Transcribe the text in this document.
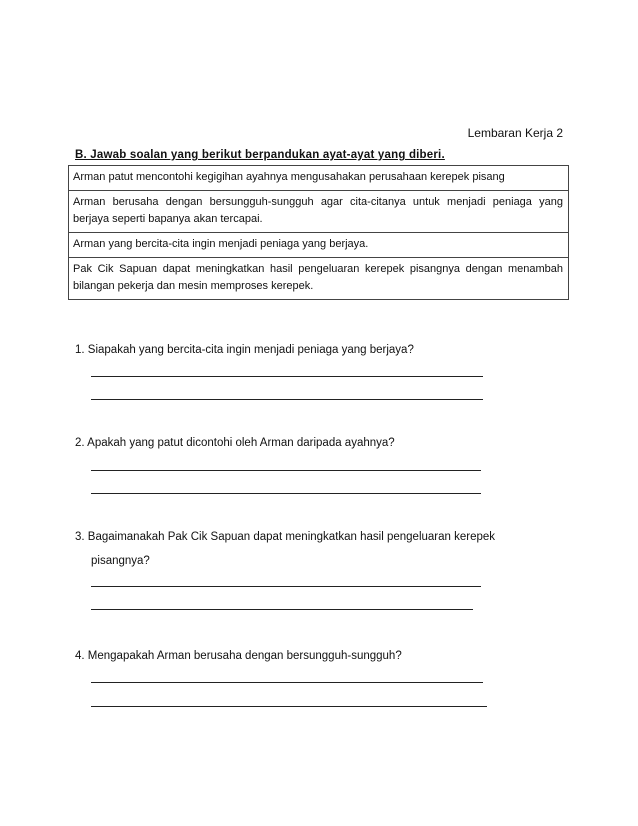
Lembaran Kerja 2
B. Jawab soalan yang berikut berpandukan ayat-ayat yang diberi.
Arman patut mencontohi kegigihan ayahnya mengusahakan perusahaan kerepek pisang
Arman berusaha dengan bersungguh-sungguh agar cita-citanya untuk menjadi peniaga yang berjaya seperti bapanya akan tercapai.
Arman yang bercita-cita ingin menjadi peniaga yang berjaya.
Pak Cik Sapuan dapat meningkatkan hasil pengeluaran kerepek pisangnya dengan menambah bilangan pekerja dan mesin memproses kerepek.
1. Siapakah yang bercita-cita ingin menjadi peniaga yang berjaya?
2. Apakah yang patut dicontohi oleh Arman daripada ayahnya?
3. Bagaimanakah Pak Cik Sapuan dapat meningkatkan hasil pengeluaran kerepek
pisangnya?
4. Mengapakah Arman berusaha dengan bersungguh-sungguh?
